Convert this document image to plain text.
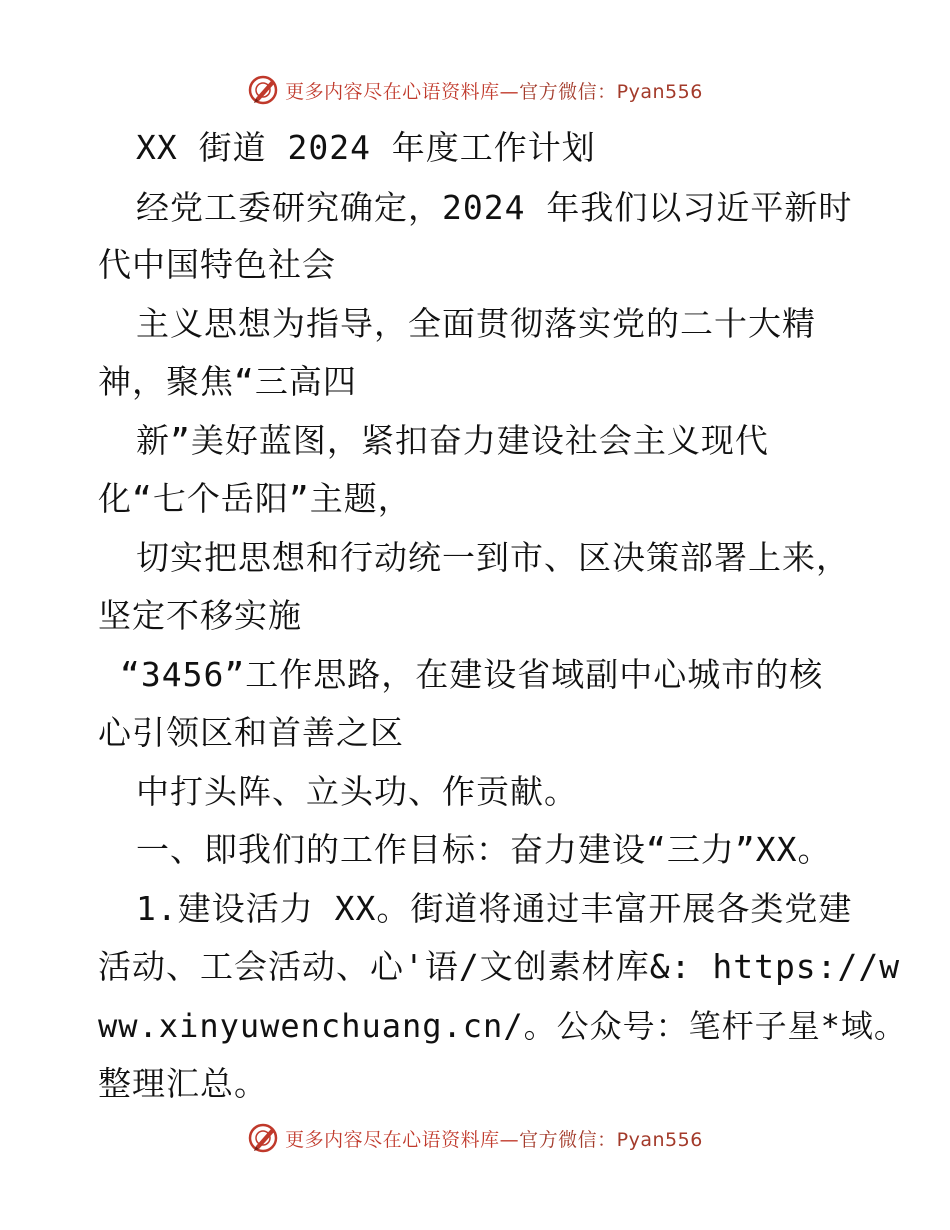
更多内容尽在心语资料库—官方微信：Pyan556
XX 街道 2024 年度工作计划
经党工委研究确定，2024 年我们以习近平新时
代中国特色社会
主义思想为指导，全面贯彻落实党的二十大精
神，聚焦“三高四
新”美好蓝图，紧扣奋力建设社会主义现代
化“七个岳阳”主题，
切实把思想和行动统一到市、区决策部署上来，
坚定不移实施
“3456”工作思路，在建设省域副中心城市的核
心引领区和首善之区
中打头阵、立头功、作贡献。
一、即我们的工作目标：奋力建设“三力”XX。
1.建设活力 XX。街道将通过丰富开展各类党建
活动、工会活动、心'语/文创素材库&: https://w
ww.xinyuwenchuang.cn/。公众号：笔杆子星*域。
整理汇总。
更多内容尽在心语资料库—官方微信：Pyan556
